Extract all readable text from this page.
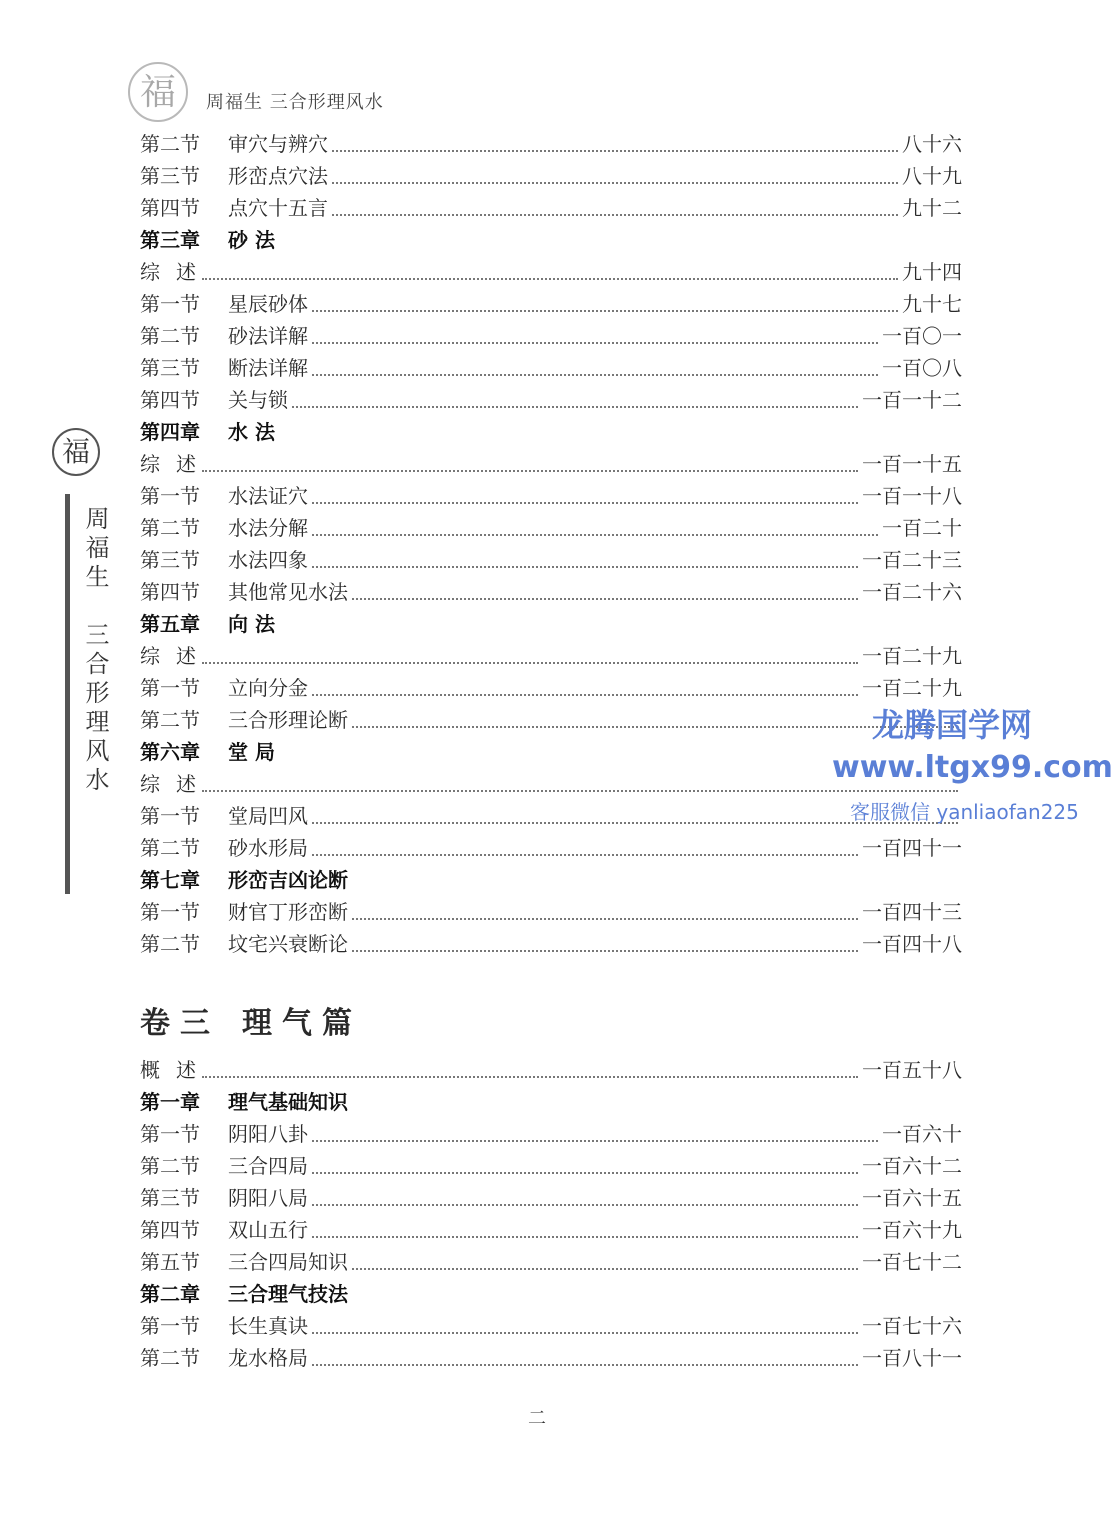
福	周福生 三合形理风水
福
周福生　三合形理风水
第二节	审穴与辨穴	八十六
第三节	形峦点穴法	八十九
第四节	点穴十五言	九十二
第三章	砂 法
综述	九十四
第一节	星辰砂体	九十七
第二节	砂法详解	一百〇一
第三节	断法详解	一百〇八
第四节	关与锁	一百一十二
第四章	水 法
综述	一百一十五
第一节	水法证穴	一百一十八
第二节	水法分解	一百二十
第三节	水法四象	一百二十三
第四节	其他常见水法	一百二十六
第五章	向 法
综述	一百二十九
第一节	立向分金	一百二十九
第二节	三合形理论断
第六章	堂 局
综述
第一节	堂局凹风
第二节	砂水形局	一百四十一
第七章	形峦吉凶论断
第一节	财官丁形峦断	一百四十三
第二节	坟宅兴衰断论	一百四十八
卷三 理气篇
概述	一百五十八
第一章	理气基础知识
第一节	阴阳八卦	一百六十
第二节	三合四局	一百六十二
第三节	阴阳八局	一百六十五
第四节	双山五行	一百六十九
第五节	三合四局知识	一百七十二
第二章	三合理气技法
第一节	长生真诀	一百七十六
第二节	龙水格局	一百八十一
龙腾国学网
www.ltgx99.com
客服微信 yanliaofan225
二
